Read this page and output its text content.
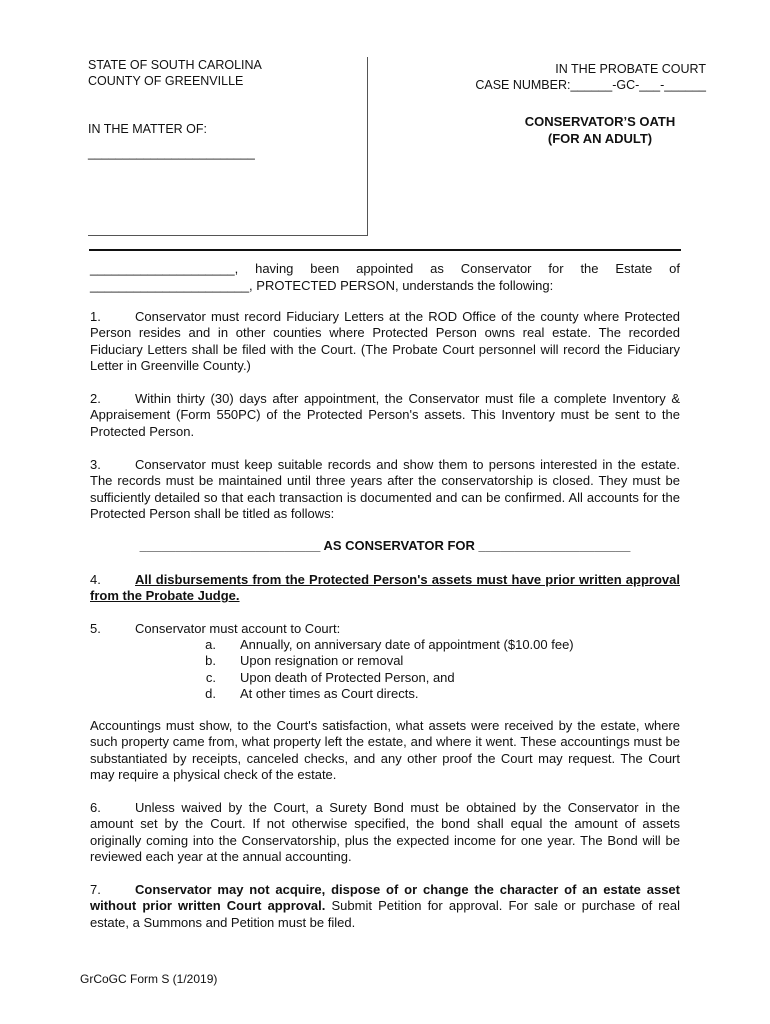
STATE OF SOUTH CAROLINA
COUNTY OF GREENVILLE
IN THE MATTER OF:
________________________
IN THE PROBATE COURT
CASE NUMBER:______-GC-___-______
CONSERVATOR’S OATH
(FOR AN ADULT)
____________________, having been appointed as Conservator for the Estate of ______________________, PROTECTED PERSON, understands the following:
1.	Conservator must record Fiduciary Letters at the ROD Office of the county where Protected Person resides and in other counties where Protected Person owns real estate. The recorded Fiduciary Letters shall be filed with the Court. (The Probate Court personnel will record the Fiduciary Letter in Greenville County.)
2.	Within thirty (30) days after appointment, the Conservator must file a complete Inventory & Appraisement (Form 550PC) of the Protected Person's assets. This Inventory must be sent to the Protected Person.
3.	Conservator must keep suitable records and show them to persons interested in the estate. The records must be maintained until three years after the conservatorship is closed. They must be sufficiently detailed so that each transaction is documented and can be confirmed. All accounts for the Protected Person shall be titled as follows:
_________________________ AS CONSERVATOR FOR _____________________
4.	All disbursements from the Protected Person's assets must have prior written approval from the Probate Judge.
5.	Conservator must account to Court:
a.	Annually, on anniversary date of appointment ($10.00 fee)
b.	Upon resignation or removal
c.	Upon death of Protected Person, and
d.	At other times as Court directs.
Accountings must show, to the Court's satisfaction, what assets were received by the estate, where such property came from, what property left the estate, and where it went. These accountings must be substantiated by receipts, canceled checks, and any other proof the Court may request. The Court may require a physical check of the estate.
6.	Unless waived by the Court, a Surety Bond must be obtained by the Conservator in the amount set by the Court. If not otherwise specified, the bond shall equal the amount of assets originally coming into the Conservatorship, plus the expected income for one year. The Bond will be reviewed each year at the annual accounting.
7.	Conservator may not acquire, dispose of or change the character of an estate asset without prior written Court approval. Submit Petition for approval. For sale or purchase of real estate, a Summons and Petition must be filed.
GrCoGC Form S (1/2019)
